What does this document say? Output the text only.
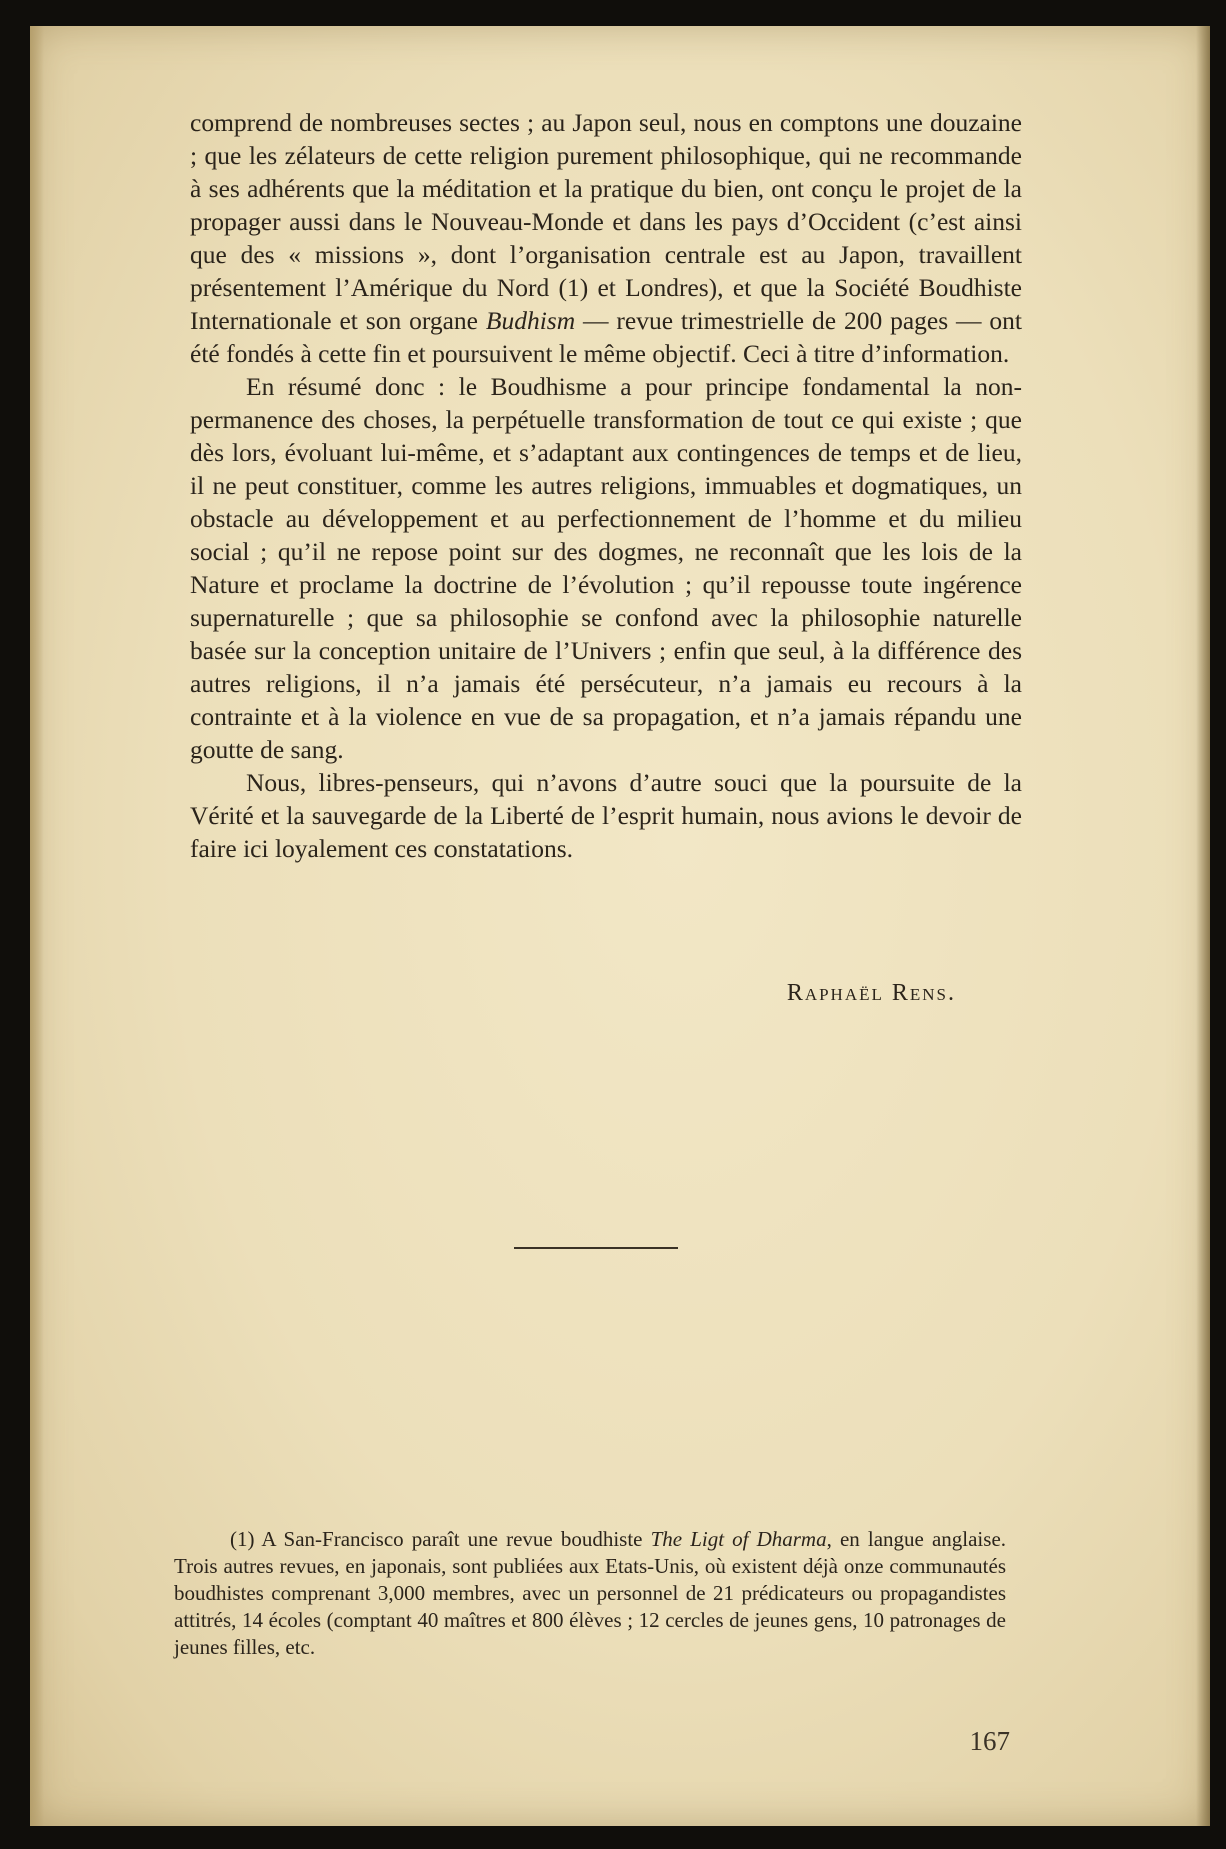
comprend de nombreuses sectes ; au Japon seul, nous en comptons une douzaine ; que les zélateurs de cette religion purement philosophique, qui ne recommande à ses adhérents que la méditation et la pratique du bien, ont conçu le projet de la propager aussi dans le Nouveau-Monde et dans les pays d’Occident (c’est ainsi que des « missions », dont l’organisation centrale est au Japon, travaillent présentement l’Amérique du Nord (1) et Londres), et que la Société Boudhiste Internationale et son organe Budhism — revue trimestrielle de 200 pages — ont été fondés à cette fin et poursuivent le même objectif. Ceci à titre d’information.

En résumé donc : le Boudhisme a pour principe fondamental la non-permanence des choses, la perpétuelle transformation de tout ce qui existe ; que dès lors, évoluant lui-même, et s’adaptant aux contingences de temps et de lieu, il ne peut constituer, comme les autres religions, immuables et dogmatiques, un obstacle au développement et au perfectionnement de l’homme et du milieu social ; qu’il ne repose point sur des dogmes, ne reconnaît que les lois de la Nature et proclame la doctrine de l’évolution ; qu’il repousse toute ingérence supernaturelle ; que sa philosophie se confond avec la philosophie naturelle basée sur la conception unitaire de l’Univers ; enfin que seul, à la différence des autres religions, il n’a jamais été persécuteur, n’a jamais eu recours à la contrainte et à la violence en vue de sa propagation, et n’a jamais répandu une goutte de sang.

Nous, libres-penseurs, qui n’avons d’autre souci que la poursuite de la Vérité et la sauvegarde de la Liberté de l’esprit humain, nous avions le devoir de faire ici loyalement ces constatations.

Raphaël Rens.
(1) A San-Francisco paraît une revue boudhiste The Ligt of Dharma, en langue anglaise. Trois autres revues, en japonais, sont publiées aux Etats-Unis, où existent déjà onze communautés boudhistes comprenant 3,000 membres, avec un personnel de 21 prédicateurs ou propagandistes attitrés, 14 écoles (comptant 40 maîtres et 800 élèves ; 12 cercles de jeunes gens, 10 patronages de jeunes filles, etc.
167
